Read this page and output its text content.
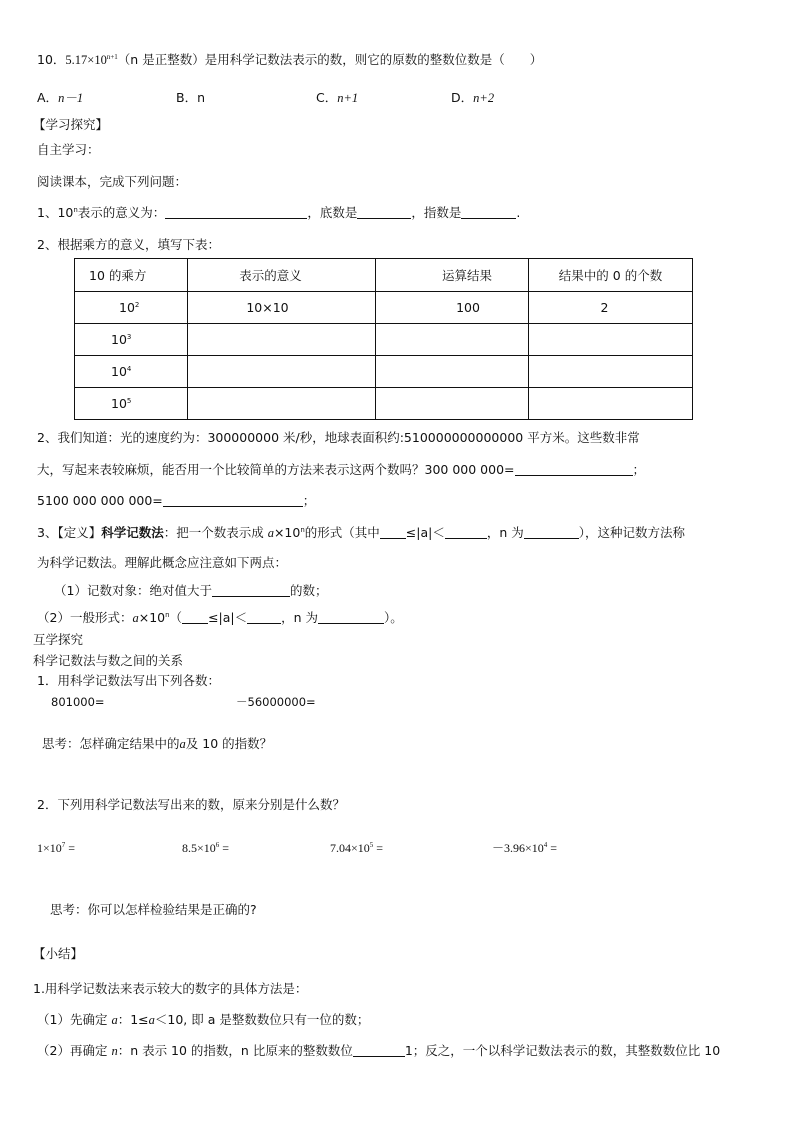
10．$5.17\times 10^{n+1}(n$ 是正整数）是用科学记数法表示的数，则它的原数的整数位数是（　　）
A．n－1	B．n	C．n+1	D．n+2
【学习探究】
自主学习：
阅读课本，完成下列问题：
1、10$^n$表示的意义为：	，底数是	，指数是	.
2、根据乘方的意义，填写下表：
10 的乘方	表示的意义	运算结果	结果中的 0 的个数
$10^2$	10×10	100	2
$10^3$			
$10^4$			
$10^5$			
2、我们知道：光的速度约为：300000000 米/秒，地球表面积约:510000000000000 平方米。这些数非常
大，写起来表较麻烦，能否用一个比较简单的方法来表示这两个数吗？300 000 000=	；
5100 000 000 000=	；
3、【定义】科学记数法：把一个数表示成 $a\times 10^n$的形式（其中 ≤|a|＜	，n 为	），这种记数方法称
为科学记数法。理解此概念应注意如下两点：
（1）记数对象：绝对值大于	的数；
（2）一般形式：$a\times 10^n( \le|a|<$	，n 为	）。
互学探究
科学记数法与数之间的关系
1．用科学记数法写出下列各数：
801000=	－56000000=
思考：怎样确定结果中的a及 10 的指数？
2．下列用科学记数法写出来的数，原来分别是什么数？
$1\times 10^7$ =	$8.5\times 10^6$ =	$7.04\times 10^5$ =	$-3.96\times 10^4$ =
思考：你可以怎样检验结果是正确的?
【小结】
1.用科学记数法来表示较大的数字的具体方法是：
（1）先确定 a：1≤a＜10, 即 a 是整数数位只有一位的数；
（2）再确定 n：n 表示 10 的指数，n 比原来的整数数位	1；反之，一个以科学记数法表示的数，其整数数位比 10
